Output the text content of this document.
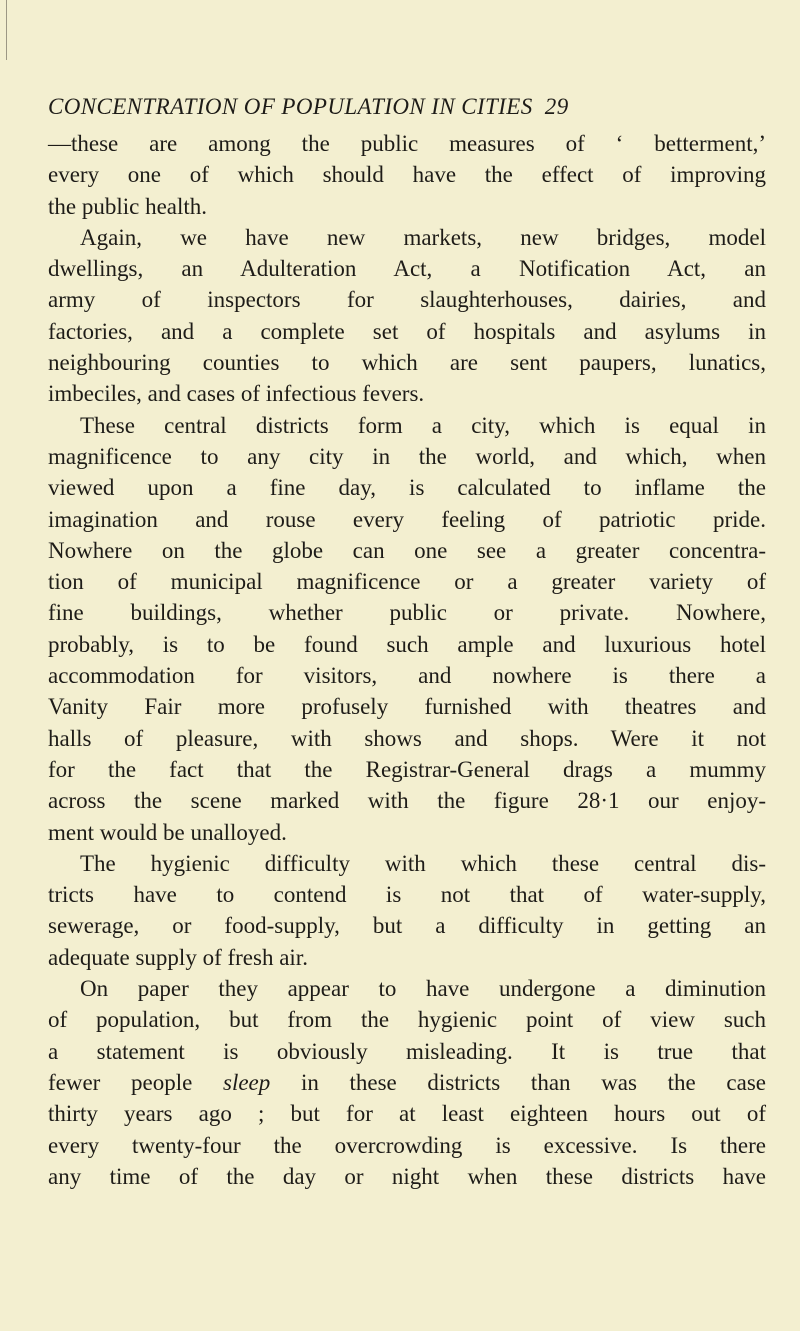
CONCENTRATION OF POPULATION IN CITIES 29
—these are among the public measures of ‘ betterment,’
every one of which should have the effect of improving
the public health.
Again, we have new markets, new bridges, model
dwellings, an Adulteration Act, a Notification Act, an
army of inspectors for slaughterhouses, dairies, and
factories, and a complete set of hospitals and asylums in
neighbouring counties to which are sent paupers, lunatics,
imbeciles, and cases of infectious fevers.
These central districts form a city, which is equal in
magnificence to any city in the world, and which, when
viewed upon a fine day, is calculated to inflame the
imagination and rouse every feeling of patriotic pride.
Nowhere on the globe can one see a greater concentra-
tion of municipal magnificence or a greater variety of
fine buildings, whether public or private. Nowhere,
probably, is to be found such ample and luxurious hotel
accommodation for visitors, and nowhere is there a
Vanity Fair more profusely furnished with theatres and
halls of pleasure, with shows and shops. Were it not
for the fact that the Registrar-General drags a mummy
across the scene marked with the figure 28·1 our enjoy-
ment would be unalloyed.
The hygienic difficulty with which these central dis-
tricts have to contend is not that of water-supply,
sewerage, or food-supply, but a difficulty in getting an
adequate supply of fresh air.
On paper they appear to have undergone a diminution
of population, but from the hygienic point of view such
a statement is obviously misleading. It is true that
fewer people sleep in these districts than was the case
thirty years ago ; but for at least eighteen hours out of
every twenty-four the overcrowding is excessive. Is there
any time of the day or night when these districts have
